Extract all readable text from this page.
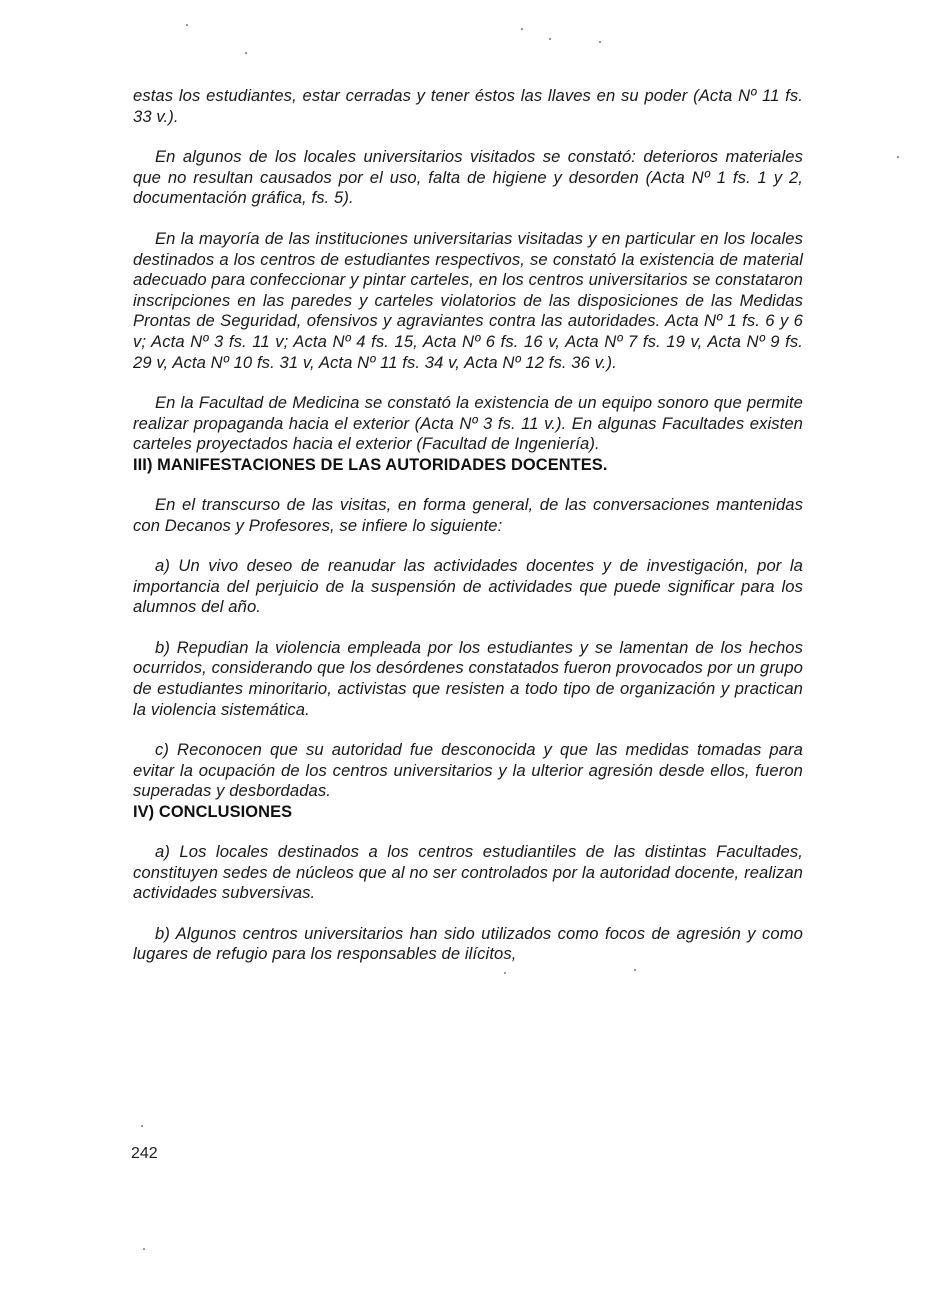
estas los estudiantes, estar cerradas y tener éstos las llaves en su poder (Acta Nº 11 fs. 33 v.).

En algunos de los locales universitarios visitados se constató: deterioros materiales que no resultan causados por el uso, falta de higiene y desorden (Acta Nº 1 fs. 1 y 2, documentación gráfica, fs. 5).

En la mayoría de las instituciones universitarias visitadas y en particular en los locales destinados a los centros de estudiantes respectivos, se constató la existencia de material adecuado para confeccionar y pintar carteles, en los centros universitarios se constataron inscripciones en las paredes y carteles violatorios de las disposiciones de las Medidas Prontas de Seguridad, ofensivos y agraviantes contra las autoridades. Acta Nº 1 fs. 6 y 6 v; Acta Nº 3 fs. 11 v; Acta Nº 4 fs. 15, Acta Nº 6 fs. 16 v, Acta Nº 7 fs. 19 v, Acta Nº 9 fs. 29 v, Acta Nº 10 fs. 31 v, Acta Nº 11 fs. 34 v, Acta Nº 12 fs. 36 v.).

En la Facultad de Medicina se constató la existencia de un equipo sonoro que permite realizar propaganda hacia el exterior (Acta Nº 3 fs. 11 v.). En algunas Facultades existen carteles proyectados hacia el exterior (Facultad de Ingeniería).

III) MANIFESTACIONES DE LAS AUTORIDADES DOCENTES.

En el transcurso de las visitas, en forma general, de las conversaciones mantenidas con Decanos y Profesores, se infiere lo siguiente:

a) Un vivo deseo de reanudar las actividades docentes y de investigación, por la importancia del perjuicio de la suspensión de actividades que puede significar para los alumnos del año.

b) Repudian la violencia empleada por los estudiantes y se lamentan de los hechos ocurridos, considerando que los desórdenes constatados fueron provocados por un grupo de estudiantes minoritario, activistas que resisten a todo tipo de organización y practican la violencia sistemática.

c) Reconocen que su autoridad fue desconocida y que las medidas tomadas para evitar la ocupación de los centros universitarios y la ulterior agresión desde ellos, fueron superadas y desbordadas.

IV) CONCLUSIONES

a) Los locales destinados a los centros estudiantiles de las distintas Facultades, constituyen sedes de núcleos que al no ser controlados por la autoridad docente, realizan actividades subversivas.

b) Algunos centros universitarios han sido utilizados como focos de agresión y como lugares de refugio para los responsables de ilícitos,

242
